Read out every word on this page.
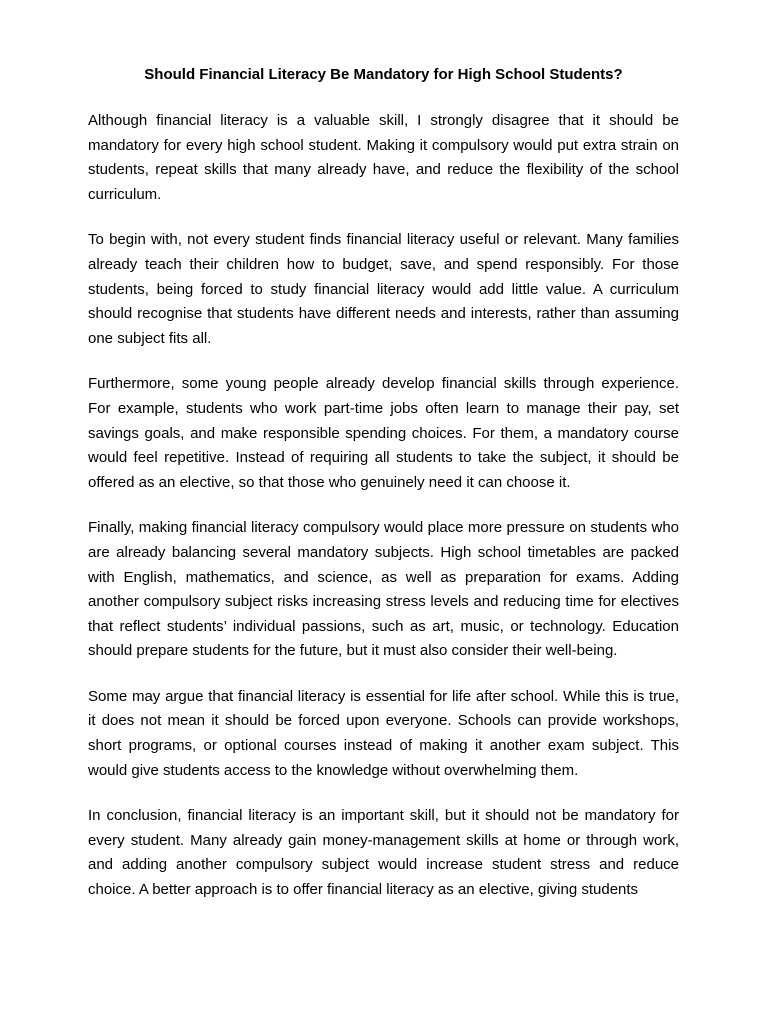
Should Financial Literacy Be Mandatory for High School Students?

Although financial literacy is a valuable skill, I strongly disagree that it should be mandatory for every high school student. Making it compulsory would put extra strain on students, repeat skills that many already have, and reduce the flexibility of the school curriculum.

To begin with, not every student finds financial literacy useful or relevant. Many families already teach their children how to budget, save, and spend responsibly. For those students, being forced to study financial literacy would add little value. A curriculum should recognise that students have different needs and interests, rather than assuming one subject fits all.

Furthermore, some young people already develop financial skills through experience. For example, students who work part-time jobs often learn to manage their pay, set savings goals, and make responsible spending choices. For them, a mandatory course would feel repetitive. Instead of requiring all students to take the subject, it should be offered as an elective, so that those who genuinely need it can choose it.

Finally, making financial literacy compulsory would place more pressure on students who are already balancing several mandatory subjects. High school timetables are packed with English, mathematics, and science, as well as preparation for exams. Adding another compulsory subject risks increasing stress levels and reducing time for electives that reflect students’ individual passions, such as art, music, or technology. Education should prepare students for the future, but it must also consider their well-being.

Some may argue that financial literacy is essential for life after school. While this is true, it does not mean it should be forced upon everyone. Schools can provide workshops, short programs, or optional courses instead of making it another exam subject. This would give students access to the knowledge without overwhelming them.

In conclusion, financial literacy is an important skill, but it should not be mandatory for every student. Many already gain money-management skills at home or through work, and adding another compulsory subject would increase student stress and reduce choice. A better approach is to offer financial literacy as an elective, giving students
